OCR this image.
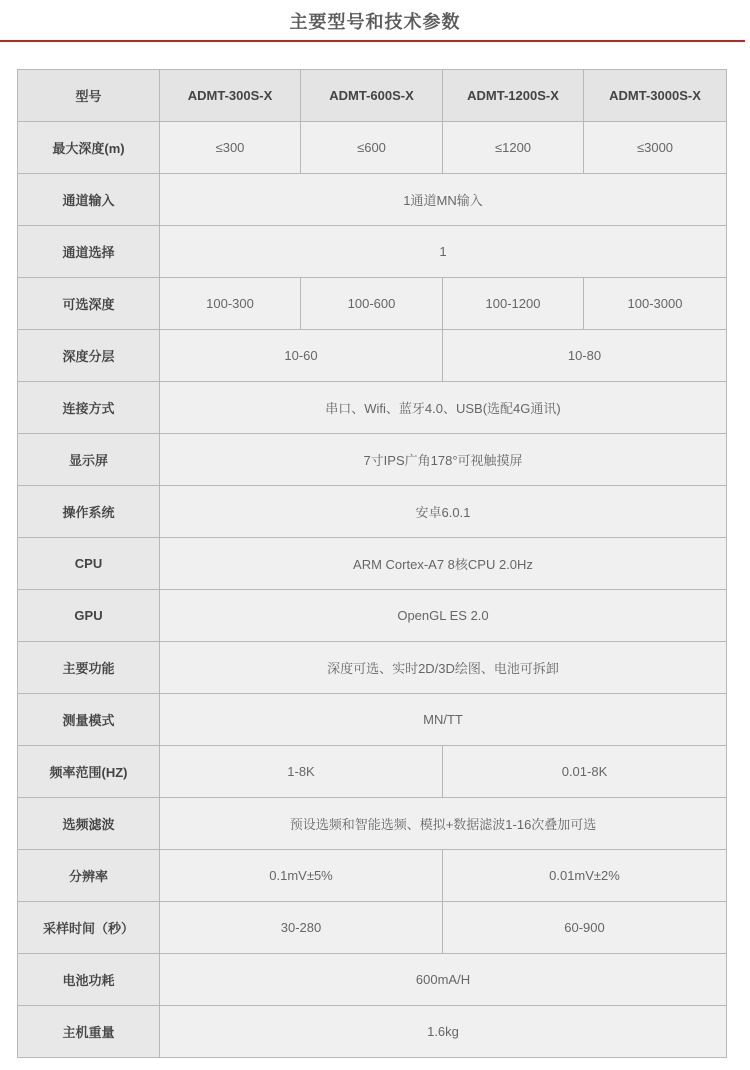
主要型号和技术参数
型号	ADMT-300S-X	ADMT-600S-X	ADMT-1200S-X	ADMT-3000S-X
最大深度(m)	≤300	≤600	≤1200	≤3000
通道输入	1通道MN输入			
通道选择	1			
可选深度	100-300	100-600	100-1200	100-3000
深度分层	10-60		10-80	
连接方式	串口、Wifi、蓝牙4.0、USB(选配4G通讯)			
显示屏	7寸IPS广角178°可视触摸屏			
操作系统	安卓6.0.1			
CPU	ARM Cortex-A7 8核CPU 2.0Hz			
GPU	OpenGL ES 2.0			
主要功能	深度可选、实时2D/3D绘图、电池可拆卸			
测量模式	MN/TT			
频率范围(HZ)	1-8K		0.01-8K	
选频滤波	预设选频和智能选频、模拟+数据滤波1-16次叠加可选			
分辨率	0.1mV±5%		0.01mV±2%	
采样时间（秒）	30-280		60-900	
电池功耗	600mA/H			
主机重量	1.6kg			
